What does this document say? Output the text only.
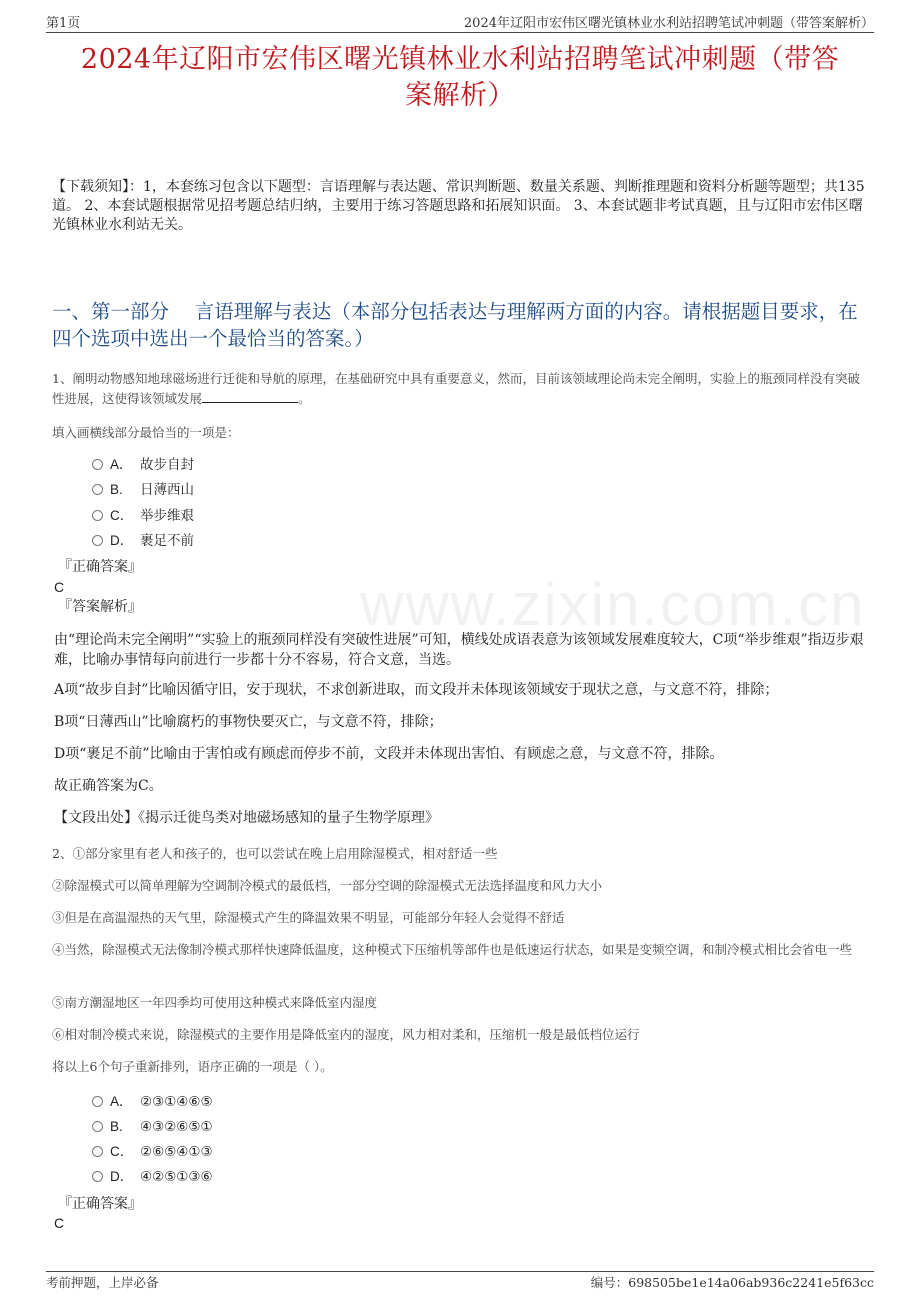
第1页	2024年辽阳市宏伟区曙光镇林业水利站招聘笔试冲刺题（带答案解析）
2024年辽阳市宏伟区曙光镇林业水利站招聘笔试冲刺题（带答
案解析）
【下载须知】：1，本套练习包含以下题型：言语理解与表达题、常识判断题、数量关系题、判断推理题和资料分析题等题型；共135道。 2、本套试题根据常见招考题总结归纳，主要用于练习答题思路和拓展知识面。 3、本套试题非考试真题，且与辽阳市宏伟区曙光镇林业水利站无关。
一、第一部分　 言语理解与表达（本部分包括表达与理解两方面的内容。请根据题目要求，在四个选项中选出一个最恰当的答案。）
www.zixin.com.cn
1、阐明动物感知地球磁场进行迁徙和导航的原理，在基础研究中具有重要意义，然而，目前该领域理论尚未完全阐明，实验上的瓶颈同样没有突破性进展，这使得该领域发展	。
填入画横线部分最恰当的一项是：
A． 故步自封
B. 日薄西山
C． 举步维艰
D． 裹足不前
『正确答案』
C
『答案解析』
由“理论尚未完全阐明”“实验上的瓶颈同样没有突破性进展”可知，横线处成语表意为该领域发展难度较大，C项“举步维艰”指迈步艰难，比喻办事情每向前进行一步都十分不容易，符合文意，当选。
A项“故步自封”比喻因循守旧，安于现状，不求创新进取，而文段并未体现该领域安于现状之意，与文意不符，排除；
B项“日薄西山”比喻腐朽的事物快要灭亡，与文意不符，排除；
D项“裹足不前”比喻由于害怕或有顾虑而停步不前，文段并未体现出害怕、有顾虑之意，与文意不符，排除。
故正确答案为C。
【文段出处】《揭示迁徙鸟类对地磁场感知的量子生物学原理》
2、①部分家里有老人和孩子的，也可以尝试在晚上启用除湿模式，相对舒适一些
②除湿模式可以简单理解为空调制冷模式的最低档，一部分空调的除湿模式无法选择温度和风力大小
③但是在高温湿热的天气里，除湿模式产生的降温效果不明显，可能部分年轻人会觉得不舒适
④当然，除湿模式无法像制冷模式那样快速降低温度，这种模式下压缩机等部件也是低速运行状态，如果是变频空调，和制冷模式相比会省电一些
⑤南方潮湿地区一年四季均可使用这种模式来降低室内湿度
⑥相对制冷模式来说，除湿模式的主要作用是降低室内的湿度，风力相对柔和，压缩机一般是最低档位运行
将以上6个句子重新排列，语序正确的一项是（ ）。
A． ②③①④⑥⑤
B. ④③②⑥⑤①
C． ②⑥⑤④①③
D． ④②⑤①③⑥
『正确答案』
C
考前押题，上岸必备	编号：698505be1e14a06ab936c2241e5f63cc
